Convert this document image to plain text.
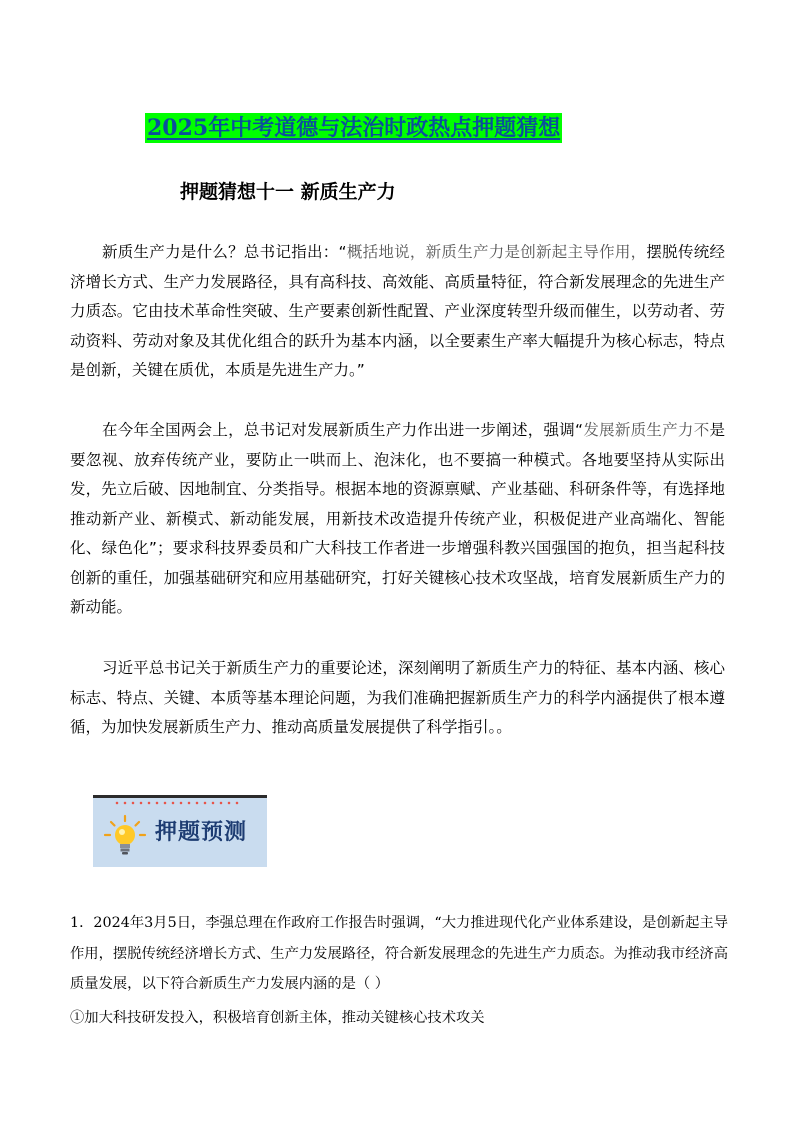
2025年中考道德与法治时政热点押题猜想
押题猜想十一 新质生产力

新质生产力是什么？总书记指出：“概括地说，新质生产力是创新起主导作用，摆脱传统经济增长方式、生产力发展路径，具有高科技、高效能、高质量特征，符合新发展理念的先进生产力质态。它由技术革命性突破、生产要素创新性配置、产业深度转型升级而催生，以劳动者、劳动资料、劳动对象及其优化组合的跃升为基本内涵，以全要素生产率大幅提升为核心标志，特点是创新，关键在质优，本质是先进生产力。”

在今年全国两会上，总书记对发展新质生产力作出进一步阐述，强调“发展新质生产力不是要忽视、放弃传统产业，要防止一哄而上、泡沫化，也不要搞一种模式。各地要坚持从实际出发，先立后破、因地制宜、分类指导。根据本地的资源禀赋、产业基础、科研条件等，有选择地推动新产业、新模式、新动能发展，用新技术改造提升传统产业，积极促进产业高端化、智能化、绿色化”；要求科技界委员和广大科技工作者进一步增强科教兴国强国的抱负，担当起科技创新的重任，加强基础研究和应用基础研究，打好关键核心技术攻坚战，培育发展新质生产力的新动能。

习近平总书记关于新质生产力的重要论述，深刻阐明了新质生产力的特征、基本内涵、核心标志、特点、关键、本质等基本理论问题，为我们准确把握新质生产力的科学内涵提供了根本遵循，为加快发展新质生产力、推动高质量发展提供了科学指引。。

押题预测

1．2024年3月5日，李强总理在作政府工作报告时强调，“大力推进现代化产业体系建设，是创新起主导作用，摆脱传统经济增长方式、生产力发展路径，符合新发展理念的先进生产力质态。为推动我市经济高质量发展，以下符合新质生产力发展内涵的是（ ）

①加大科技研发投入，积极培育创新主体，推动关键核心技术攻关
